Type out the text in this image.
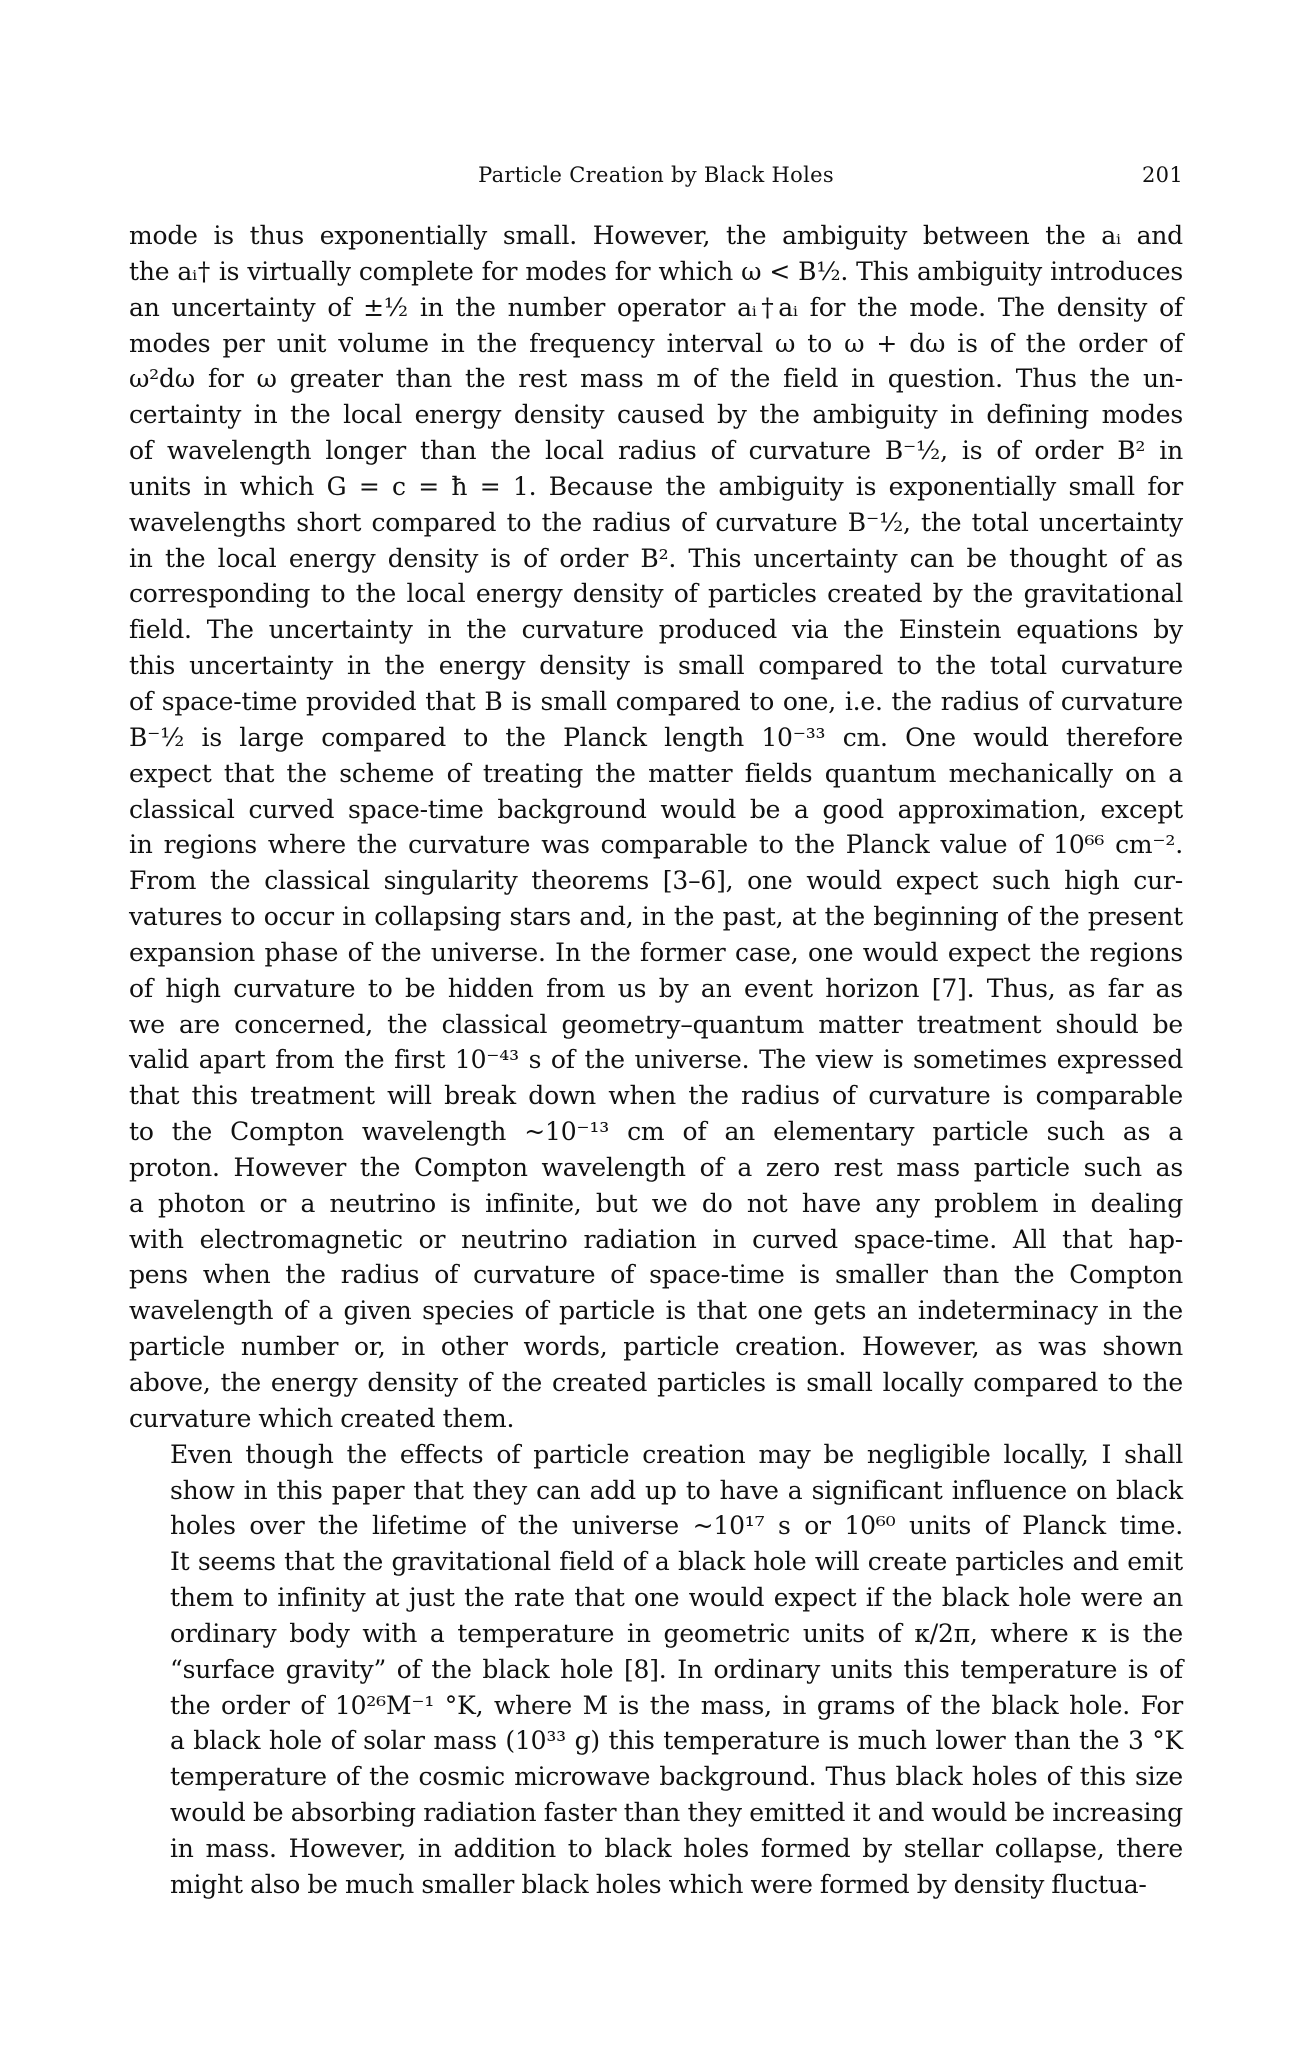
Particle Creation by Black Holes	201
mode is thus exponentially small. However, the ambiguity between the aᵢ and
the aᵢ† is virtually complete for modes for which ω < B½. This ambiguity introduces
an uncertainty of ±½ in the number operator aᵢ†aᵢ for the mode. The density of
modes per unit volume in the frequency interval ω to ω + dω is of the order of
ω²dω for ω greater than the rest mass m of the field in question. Thus the un-
certainty in the local energy density caused by the ambiguity in defining modes
of wavelength longer than the local radius of curvature B⁻½, is of order B² in
units in which G = c = ħ = 1. Because the ambiguity is exponentially small for
wavelengths short compared to the radius of curvature B⁻½, the total uncertainty
in the local energy density is of order B². This uncertainty can be thought of as
corresponding to the local energy density of particles created by the gravitational
field. The uncertainty in the curvature produced via the Einstein equations by
this uncertainty in the energy density is small compared to the total curvature
of space-time provided that B is small compared to one, i.e. the radius of curvature
B⁻½ is large compared to the Planck length 10⁻³³ cm. One would therefore
expect that the scheme of treating the matter fields quantum mechanically on a
classical curved space-time background would be a good approximation, except
in regions where the curvature was comparable to the Planck value of 10⁶⁶ cm⁻².
From the classical singularity theorems [3–6], one would expect such high cur-
vatures to occur in collapsing stars and, in the past, at the beginning of the present
expansion phase of the universe. In the former case, one would expect the regions
of high curvature to be hidden from us by an event horizon [7]. Thus, as far as
we are concerned, the classical geometry–quantum matter treatment should be
valid apart from the first 10⁻⁴³ s of the universe. The view is sometimes expressed
that this treatment will break down when the radius of curvature is comparable
to the Compton wavelength ~10⁻¹³ cm of an elementary particle such as a
proton. However the Compton wavelength of a zero rest mass particle such as
a photon or a neutrino is infinite, but we do not have any problem in dealing
with electromagnetic or neutrino radiation in curved space-time. All that hap-
pens when the radius of curvature of space-time is smaller than the Compton
wavelength of a given species of particle is that one gets an indeterminacy in the
particle number or, in other words, particle creation. However, as was shown
above, the energy density of the created particles is small locally compared to the
curvature which created them.
Even though the effects of particle creation may be negligible locally, I shall
show in this paper that they can add up to have a significant influence on black
holes over the lifetime of the universe ~10¹⁷ s or 10⁶⁰ units of Planck time.
It seems that the gravitational field of a black hole will create particles and emit
them to infinity at just the rate that one would expect if the black hole were an
ordinary body with a temperature in geometric units of κ/2π, where κ is the
“surface gravity” of the black hole [8]. In ordinary units this temperature is of
the order of 10²⁶M⁻¹ °K, where M is the mass, in grams of the black hole. For
a black hole of solar mass (10³³ g) this temperature is much lower than the 3 °K
temperature of the cosmic microwave background. Thus black holes of this size
would be absorbing radiation faster than they emitted it and would be increasing
in mass. However, in addition to black holes formed by stellar collapse, there
might also be much smaller black holes which were formed by density fluctua-
